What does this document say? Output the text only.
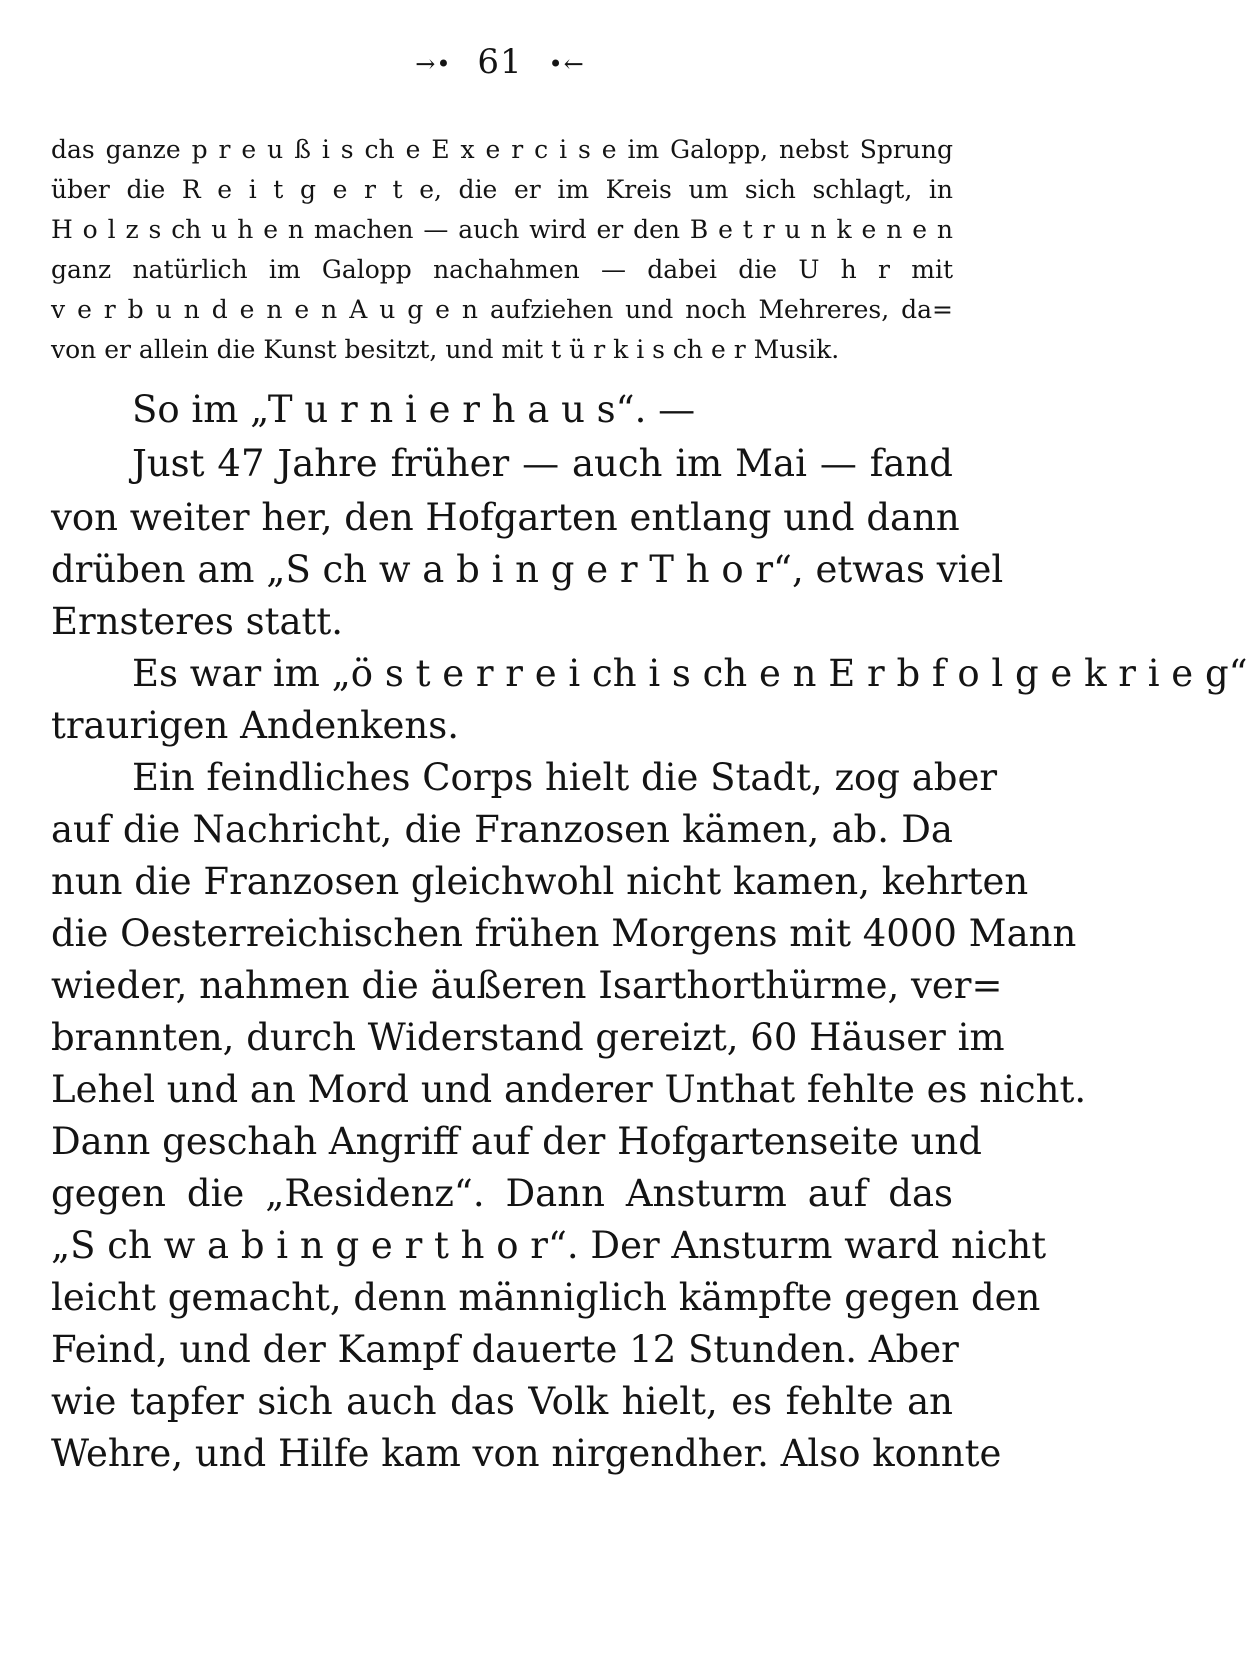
→• 61 •←
das ganze p r e u ß i s ch e E x e r c i s e im Galopp, nebst Sprung
über die R e i t g e r t e, die er im Kreis um sich schlagt, in
H o l z s ch u h e n machen — auch wird er den B e t r u n k e n e n
ganz natürlich im Galopp nachahmen — dabei die U h r mit
v e r b u n d e n e n A u g e n aufziehen und noch Mehreres, da=
von er allein die Kunst besitzt, und mit t ü r k i s ch e r Musik.
So im „T u r n i e r h a u s“. —
Just 47 Jahre früher — auch im Mai — fand
von weiter her, den Hofgarten entlang und dann
drüben am „S ch w a b i n g e r T h o r“, etwas viel
Ernsteres statt.
Es war im „ö s t e r r e i ch i s ch e n E r b f o l g e k r i e g“
traurigen Andenkens.
Ein feindliches Corps hielt die Stadt, zog aber
auf die Nachricht, die Franzosen kämen, ab. Da
nun die Franzosen gleichwohl nicht kamen, kehrten
die Oesterreichischen frühen Morgens mit 4000 Mann
wieder, nahmen die äußeren Isarthorthürme, ver=
brannten, durch Widerstand gereizt, 60 Häuser im
Lehel und an Mord und anderer Unthat fehlte es nicht.
Dann geschah Angriff auf der Hofgartenseite und
gegen die „Residenz“. Dann Ansturm auf das
„S ch w a b i n g e r t h o r“. Der Ansturm ward nicht
leicht gemacht, denn männiglich kämpfte gegen den
Feind, und der Kampf dauerte 12 Stunden. Aber
wie tapfer sich auch das Volk hielt, es fehlte an
Wehre, und Hilfe kam von nirgendher. Also konnte
